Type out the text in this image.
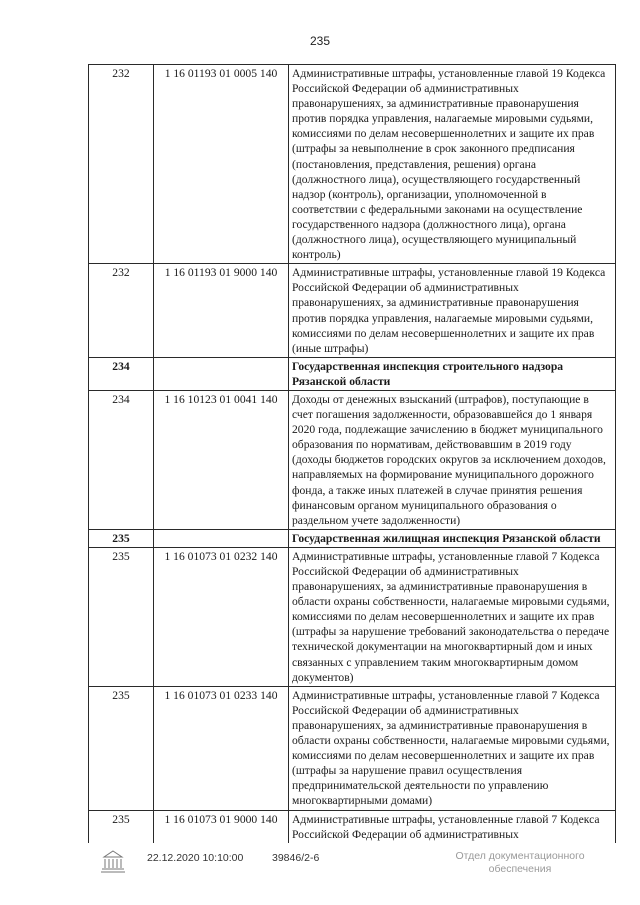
235
232	1 16 01193 01 0005 140	Административные штрафы, установленные главой 19 Кодекса Российской Федерации об административных правонарушениях, за административные правонарушения против порядка управления, налагаемые мировыми судьями, комиссиями по делам несовершеннолетних и защите их прав (штрафы за невыполнение в срок законного предписания (постановления, представления, решения) органа (должностного лица), осуществляющего государственный надзор (контроль), организации, уполномоченной в соответствии с федеральными законами на осуществление государственного надзора (должностного лица), органа (должностного лица), осуществляющего муниципальный контроль)
232	1 16 01193 01 9000 140	Административные штрафы, установленные главой 19 Кодекса Российской Федерации об административных правонарушениях, за административные правонарушения против порядка управления, налагаемые мировыми судьями, комиссиями по делам несовершеннолетних и защите их прав (иные штрафы)
234		Государственная инспекция строительного надзора Рязанской области
234	1 16 10123 01 0041 140	Доходы от денежных взысканий (штрафов), поступающие в счет погашения задолженности, образовавшейся до 1 января 2020 года, подлежащие зачислению в бюджет муниципального образования по нормативам, действовавшим в 2019 году (доходы бюджетов городских округов за исключением доходов, направляемых на формирование муниципального дорожного фонда, а также иных платежей в случае принятия решения финансовым органом муниципального образования о раздельном учете задолженности)
235		Государственная жилищная инспекция Рязанской области
235	1 16 01073 01 0232 140	Административные штрафы, установленные главой 7 Кодекса Российской Федерации об административных правонарушениях, за административные правонарушения в области охраны собственности, налагаемые мировыми судьями, комиссиями по делам несовершеннолетних и защите их прав (штрафы за нарушение требований законодательства о передаче технической документации на многоквартирный дом и иных связанных с управлением таким многоквартирным домом документов)
235	1 16 01073 01 0233 140	Административные штрафы, установленные главой 7 Кодекса Российской Федерации об административных правонарушениях, за административные правонарушения в области охраны собственности, налагаемые мировыми судьями, комиссиями по делам несовершеннолетних и защите их прав (штрафы за нарушение правил осуществления предпринимательской деятельности по управлению многоквартирными домами)
235	1 16 01073 01 9000 140	Административные штрафы, установленные главой 7 Кодекса Российской Федерации об административных
22.12.2020 10:10:00	39846/2-6	Отдел документационного
обеспечения
